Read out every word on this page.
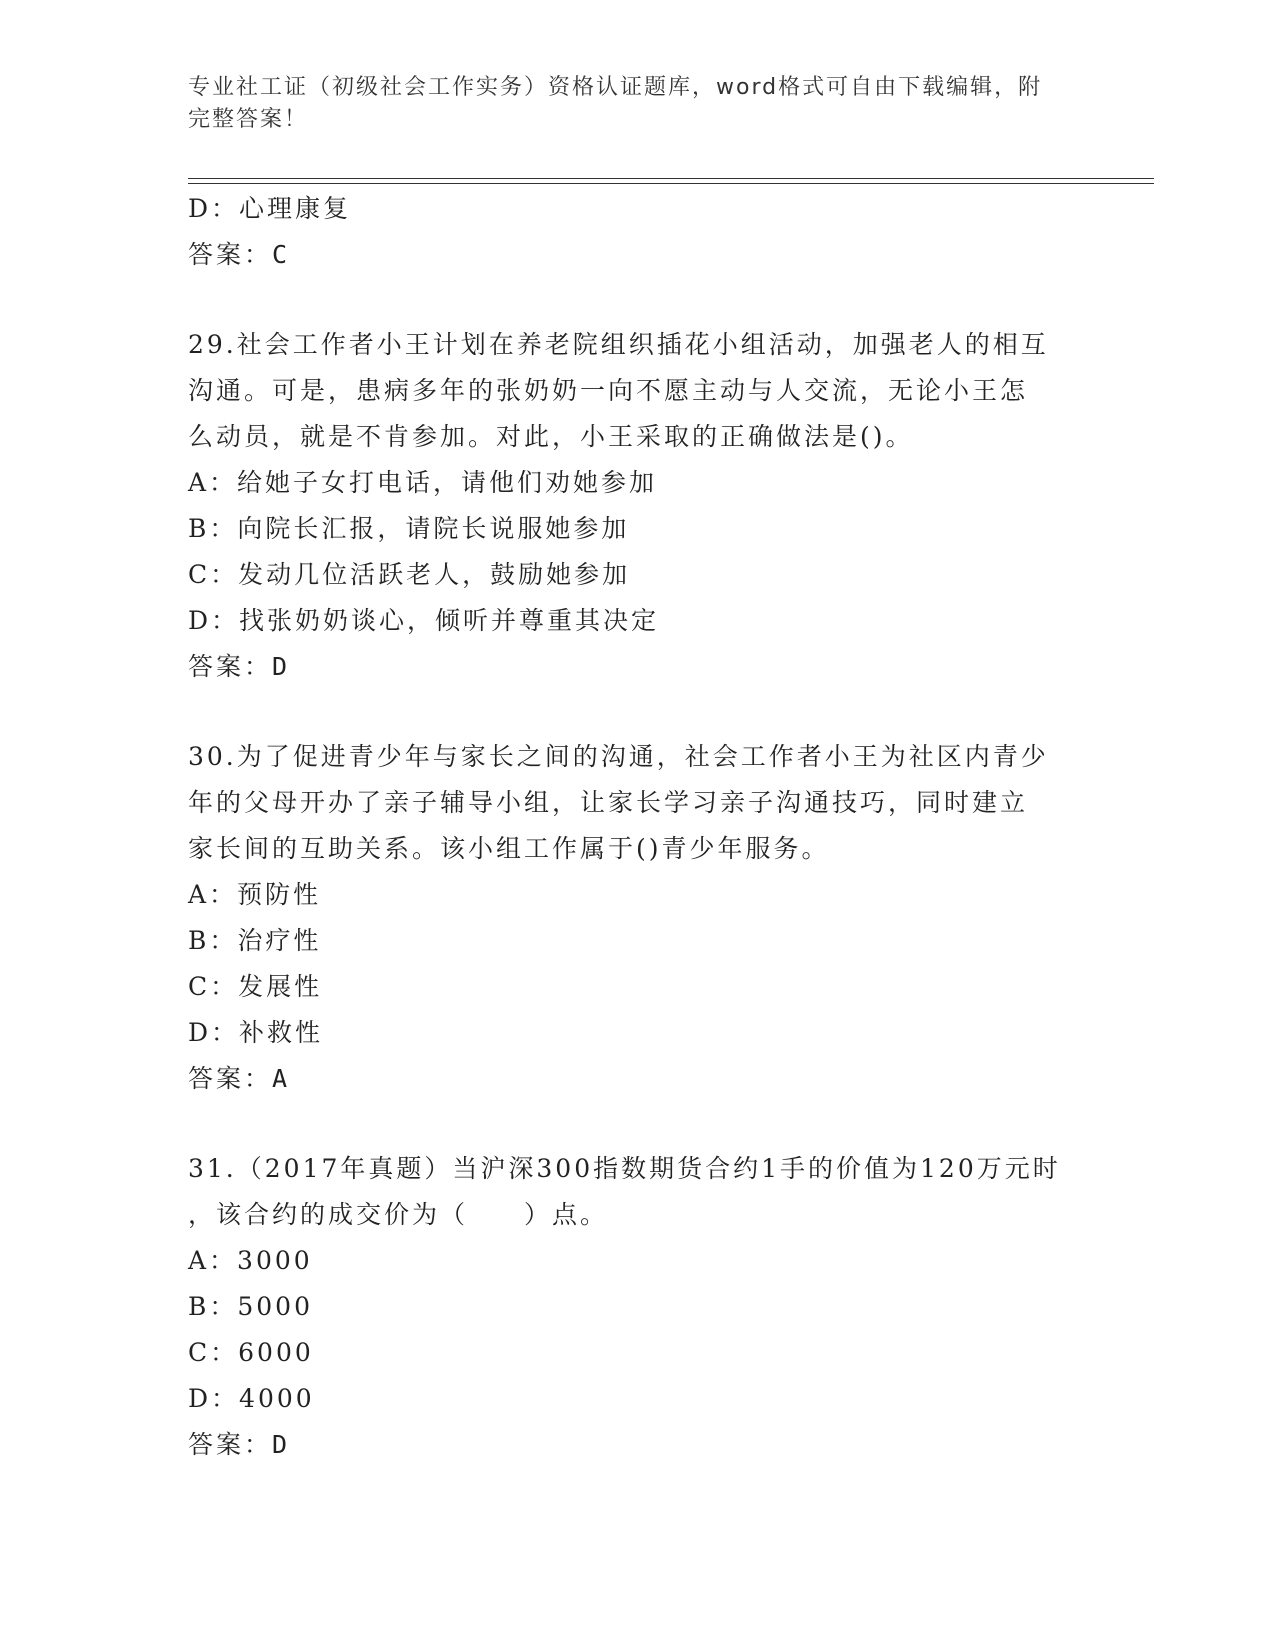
专业社工证（初级社会工作实务）资格认证题库，word格式可自由下载编辑，附
完整答案！
D：心理康复
答案：C
29.社会工作者小王计划在养老院组织插花小组活动，加强老人的相互
沟通。可是，患病多年的张奶奶一向不愿主动与人交流，无论小王怎
么动员，就是不肯参加。对此，小王采取的正确做法是()。
A：给她子女打电话，请他们劝她参加
B：向院长汇报，请院长说服她参加
C：发动几位活跃老人，鼓励她参加
D：找张奶奶谈心，倾听并尊重其决定
答案：D
30.为了促进青少年与家长之间的沟通，社会工作者小王为社区内青少
年的父母开办了亲子辅导小组，让家长学习亲子沟通技巧，同时建立
家长间的互助关系。该小组工作属于()青少年服务。
A：预防性
B：治疗性
C：发展性
D：补救性
答案：A
31.（2017年真题）当沪深300指数期货合约1手的价值为120万元时
，该合约的成交价为（　　）点。
A：3000
B：5000
C：6000
D：4000
答案：D
